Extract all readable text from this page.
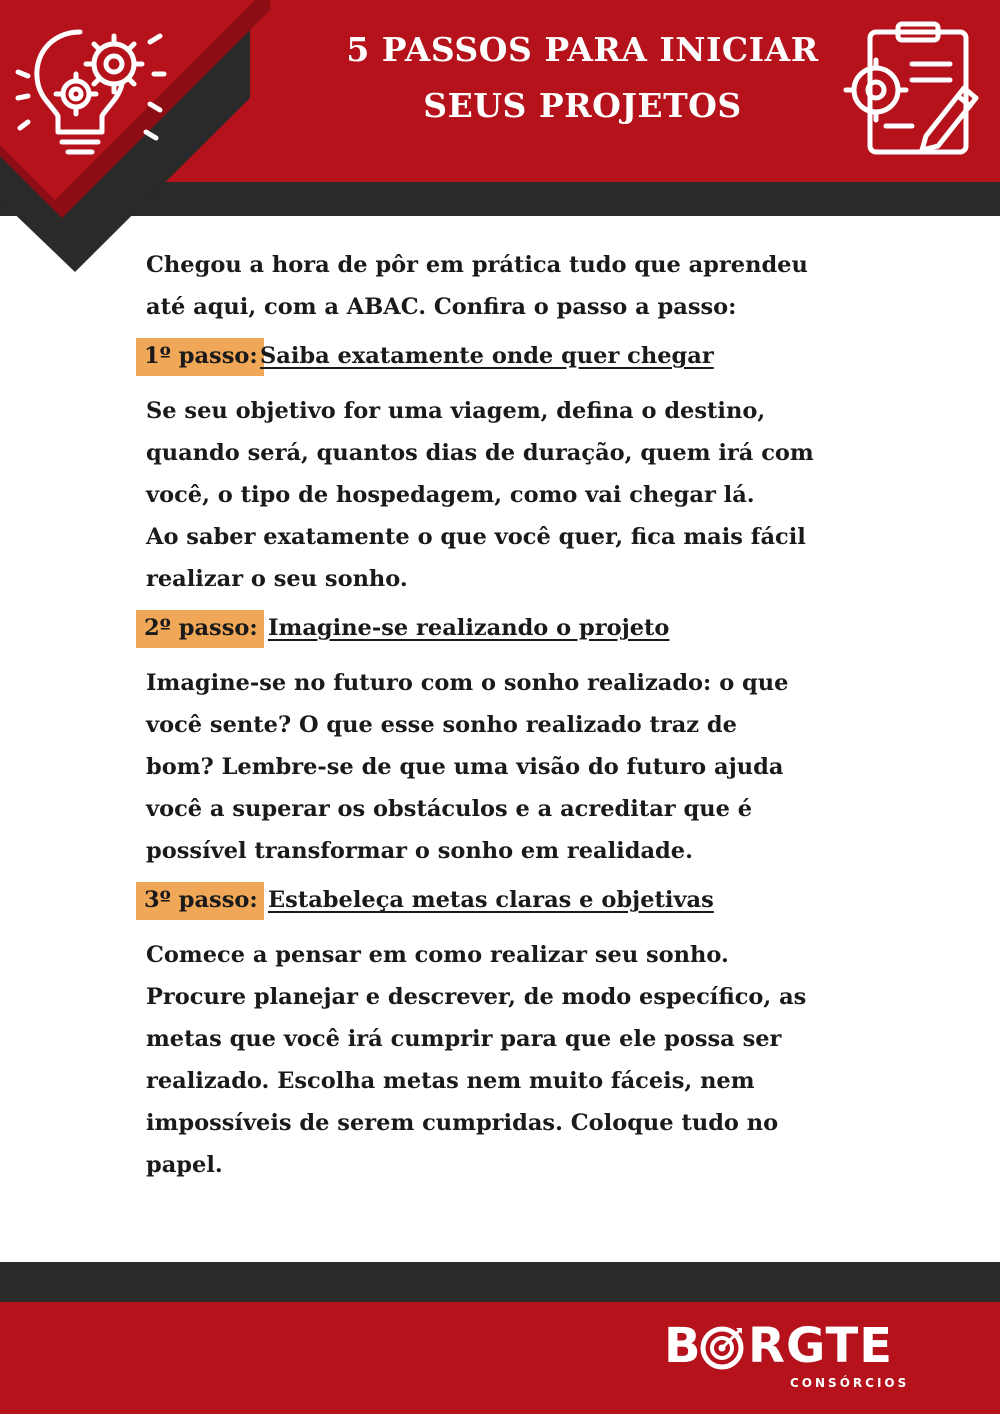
5 PASSOS PARA INICIAR
SEUS PROJETOS
Chegou a hora de pôr em prática tudo que aprendeu
até aqui, com a ABAC. Confira o passo a passo:
1º passo: Saiba exatamente onde quer chegar
Se seu objetivo for uma viagem, defina o destino,
quando será, quantos dias de duração, quem irá com
você, o tipo de hospedagem, como vai chegar lá.
Ao saber exatamente o que você quer, fica mais fácil
realizar o seu sonho.
2º passo: Imagine-se realizando o projeto
Imagine-se no futuro com o sonho realizado: o que
você sente? O que esse sonho realizado traz de
bom? Lembre-se de que uma visão do futuro ajuda
você a superar os obstáculos e a acreditar que é
possível transformar o sonho em realidade.
3º passo: Estabeleça metas claras e objetivas
Comece a pensar em como realizar seu sonho.
Procure planejar e descrever, de modo específico, as
metas que você irá cumprir para que ele possa ser
realizado. Escolha metas nem muito fáceis, nem
impossíveis de serem cumpridas. Coloque tudo no
papel.
B RGTE
CONSÓRCIOS
